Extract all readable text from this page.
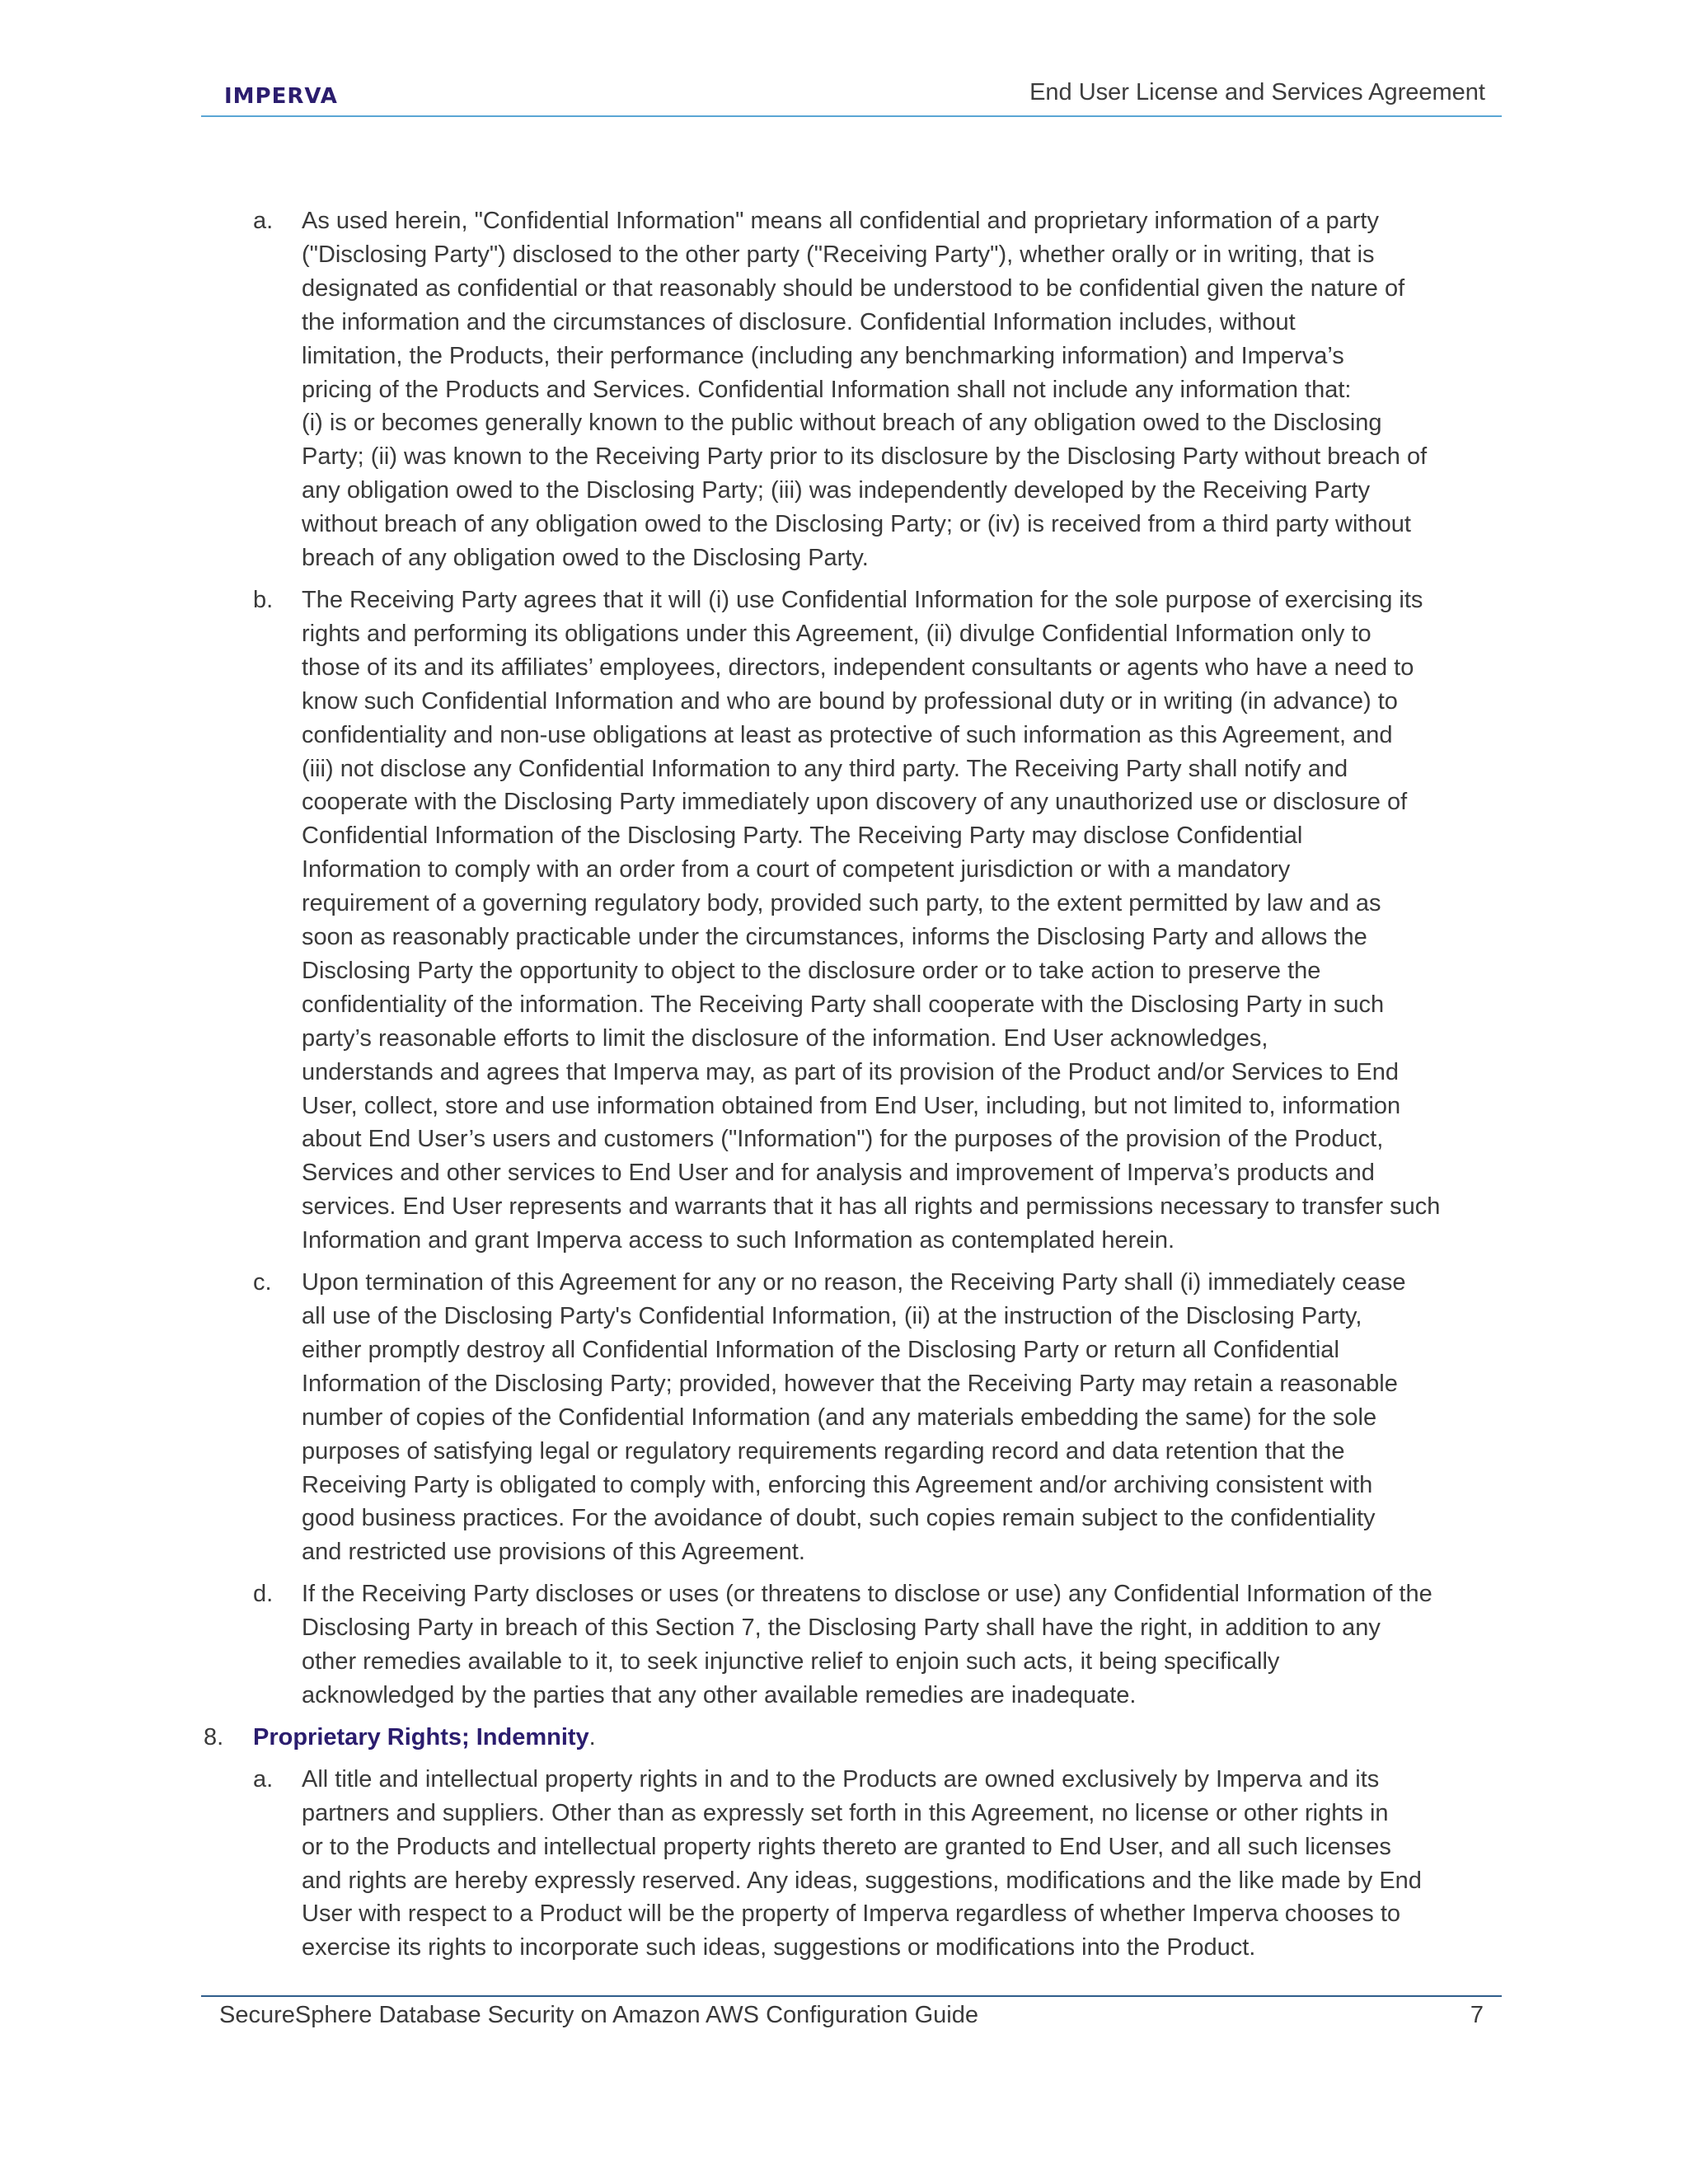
IMPERVA	End User License and Services Agreement
a. As used herein, "Confidential Information" means all confidential and proprietary information of a party
("Disclosing Party") disclosed to the other party ("Receiving Party"), whether orally or in writing, that is
designated as confidential or that reasonably should be understood to be confidential given the nature of
the information and the circumstances of disclosure. Confidential Information includes, without
limitation, the Products, their performance (including any benchmarking information) and Imperva’s
pricing of the Products and Services. Confidential Information shall not include any information that:
(i) is or becomes generally known to the public without breach of any obligation owed to the Disclosing
Party; (ii) was known to the Receiving Party prior to its disclosure by the Disclosing Party without breach of
any obligation owed to the Disclosing Party; (iii) was independently developed by the Receiving Party
without breach of any obligation owed to the Disclosing Party; or (iv) is received from a third party without
breach of any obligation owed to the Disclosing Party.
b. The Receiving Party agrees that it will (i) use Confidential Information for the sole purpose of exercising its
rights and performing its obligations under this Agreement, (ii) divulge Confidential Information only to
those of its and its affiliates’ employees, directors, independent consultants or agents who have a need to
know such Confidential Information and who are bound by professional duty or in writing (in advance) to
confidentiality and non-use obligations at least as protective of such information as this Agreement, and
(iii) not disclose any Confidential Information to any third party. The Receiving Party shall notify and
cooperate with the Disclosing Party immediately upon discovery of any unauthorized use or disclosure of
Confidential Information of the Disclosing Party. The Receiving Party may disclose Confidential
Information to comply with an order from a court of competent jurisdiction or with a mandatory
requirement of a governing regulatory body, provided such party, to the extent permitted by law and as
soon as reasonably practicable under the circumstances, informs the Disclosing Party and allows the
Disclosing Party the opportunity to object to the disclosure order or to take action to preserve the
confidentiality of the information. The Receiving Party shall cooperate with the Disclosing Party in such
party’s reasonable efforts to limit the disclosure of the information. End User acknowledges,
understands and agrees that Imperva may, as part of its provision of the Product and/or Services to End
User, collect, store and use information obtained from End User, including, but not limited to, information
about End User’s users and customers ("Information") for the purposes of the provision of the Product,
Services and other services to End User and for analysis and improvement of Imperva’s products and
services. End User represents and warrants that it has all rights and permissions necessary to transfer such
Information and grant Imperva access to such Information as contemplated herein.
c. Upon termination of this Agreement for any or no reason, the Receiving Party shall (i) immediately cease
all use of the Disclosing Party's Confidential Information, (ii) at the instruction of the Disclosing Party,
either promptly destroy all Confidential Information of the Disclosing Party or return all Confidential
Information of the Disclosing Party; provided, however that the Receiving Party may retain a reasonable
number of copies of the Confidential Information (and any materials embedding the same) for the sole
purposes of satisfying legal or regulatory requirements regarding record and data retention that the
Receiving Party is obligated to comply with, enforcing this Agreement and/or archiving consistent with
good business practices. For the avoidance of doubt, such copies remain subject to the confidentiality
and restricted use provisions of this Agreement.
d. If the Receiving Party discloses or uses (or threatens to disclose or use) any Confidential Information of the
Disclosing Party in breach of this Section 7, the Disclosing Party shall have the right, in addition to any
other remedies available to it, to seek injunctive relief to enjoin such acts, it being specifically
acknowledged by the parties that any other available remedies are inadequate.
8. Proprietary Rights; Indemnity.
a. All title and intellectual property rights in and to the Products are owned exclusively by Imperva and its
partners and suppliers. Other than as expressly set forth in this Agreement, no license or other rights in
or to the Products and intellectual property rights thereto are granted to End User, and all such licenses
and rights are hereby expressly reserved. Any ideas, suggestions, modifications and the like made by End
User with respect to a Product will be the property of Imperva regardless of whether Imperva chooses to
exercise its rights to incorporate such ideas, suggestions or modifications into the Product.
SecureSphere Database Security on Amazon AWS Configuration Guide	7
